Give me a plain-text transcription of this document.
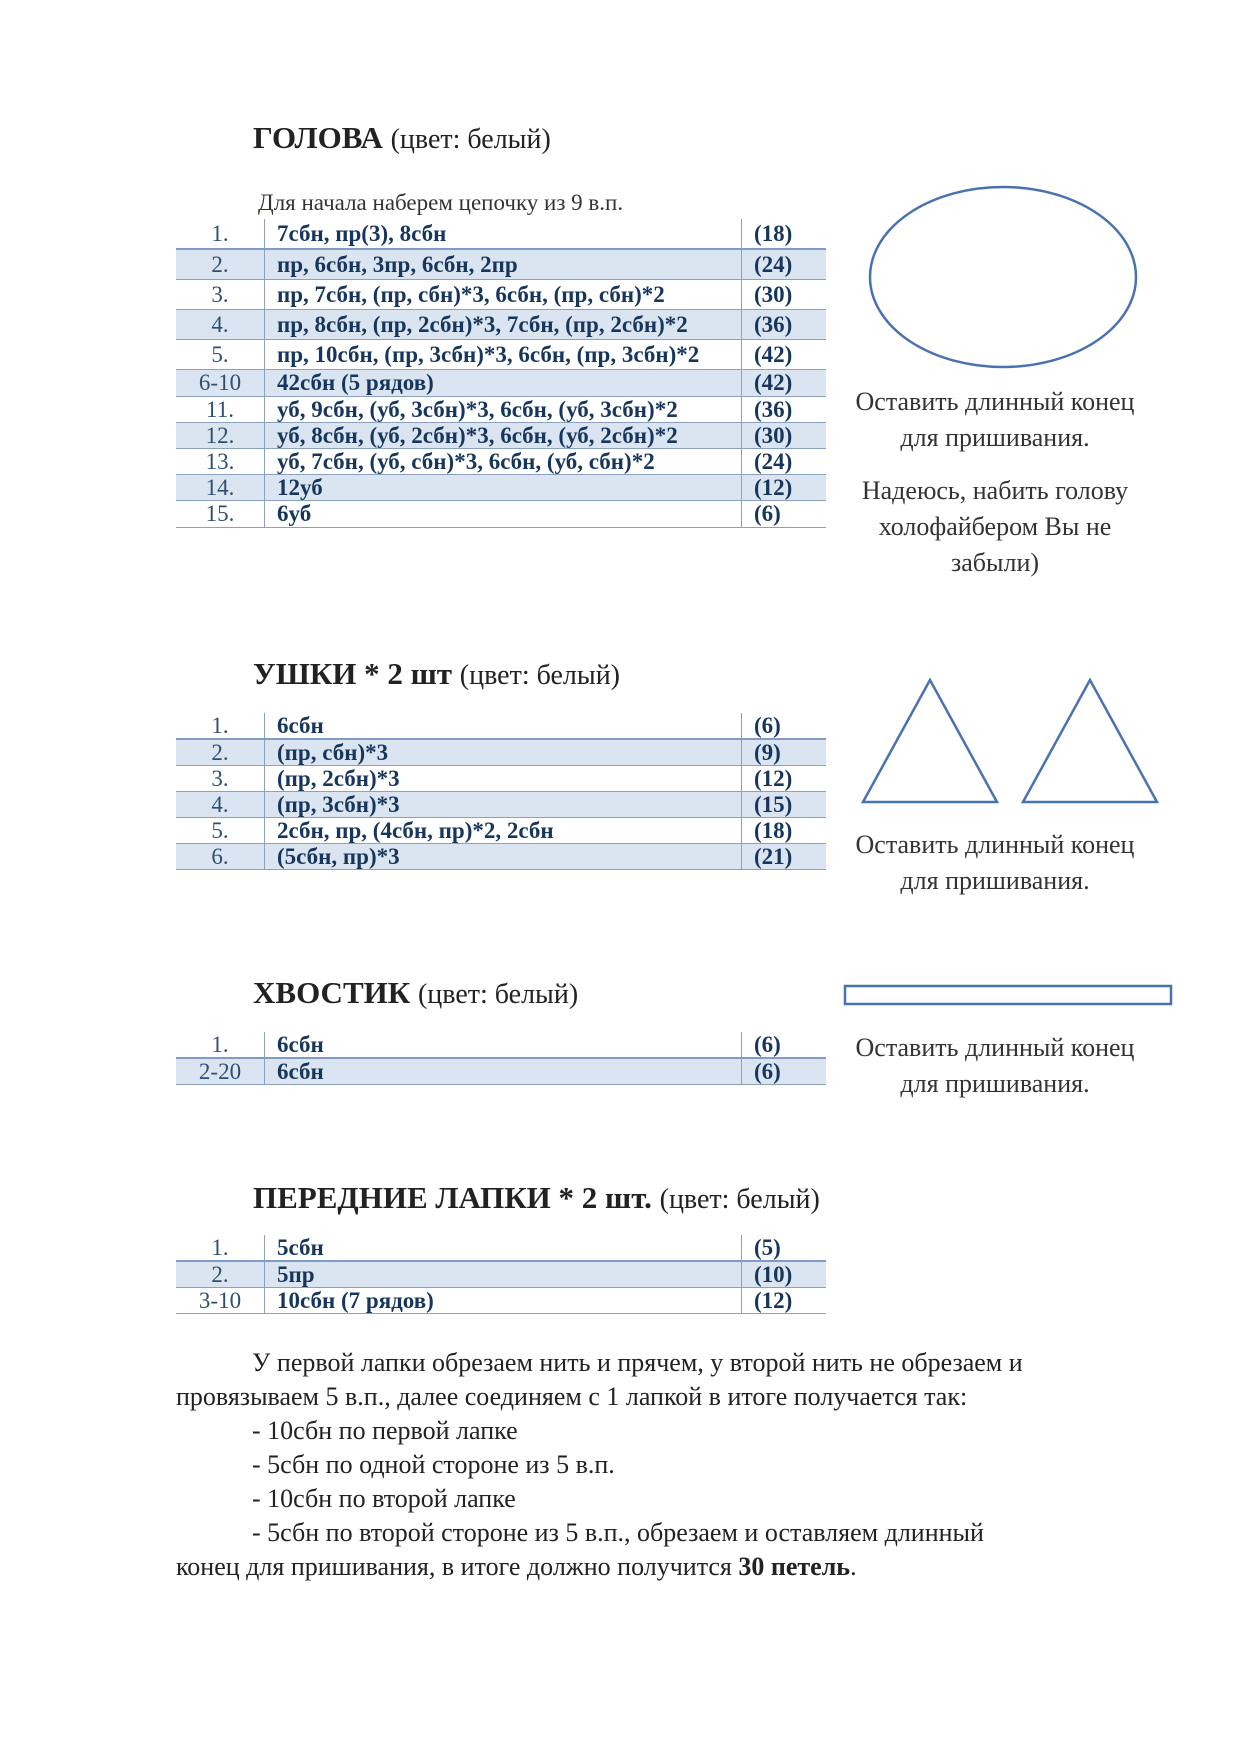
ГОЛОВА (цвет: белый)
Для начала наберем цепочку из 9 в.п.
1.	7сбн, пр(3), 8сбн	(18)
2.	пр, 6сбн, 3пр, 6сбн, 2пр	(24)
3.	пр, 7сбн, (пр, сбн)*3, 6сбн, (пр, сбн)*2	(30)
4.	пр, 8сбн, (пр, 2сбн)*3, 7сбн, (пр, 2сбн)*2	(36)
5.	пр, 10сбн, (пр, 3сбн)*3, 6сбн, (пр, 3сбн)*2	(42)
6-10	42сбн (5 рядов)	(42)
11.	уб, 9сбн, (уб, 3сбн)*3, 6сбн, (уб, 3сбн)*2	(36)
12.	уб, 8сбн, (уб, 2сбн)*3, 6сбн, (уб, 2сбн)*2	(30)
13.	уб, 7сбн, (уб, сбн)*3, 6сбн, (уб, сбн)*2	(24)
14.	12уб	(12)
15.	6уб	(6)
Оставить длинный конец для пришивания.
Надеюсь, набить голову холофайбером Вы не забыли)
УШКИ * 2 шт (цвет: белый)
1.	6сбн	(6)
2.	(пр, сбн)*3	(9)
3.	(пр, 2сбн)*3	(12)
4.	(пр, 3сбн)*3	(15)
5.	2сбн, пр, (4сбн, пр)*2, 2сбн	(18)
6.	(5сбн, пр)*3	(21)	Оставить длинный конец для пришивания.
ХВОСТИК (цвет: белый)
1.	6сбн	(6)
2-20	6сбн	(6)
Оставить длинный конец для пришивания.
ПЕРЕДНИЕ ЛАПКИ * 2 шт. (цвет: белый)
1.	5сбн	(5)
2.	5пр	(10)
3-10	10сбн (7 рядов)	(12)
У первой лапки обрезаем нить и прячем, у второй нить не обрезаем и провязываем 5 в.п., далее соединяем с 1 лапкой в итоге получается так:
- 10сбн по первой лапке
- 5сбн по одной стороне из 5 в.п.
- 10сбн по второй лапке
- 5сбн по второй стороне из 5 в.п., обрезаем и оставляем длинный
конец для пришивания, в итоге должно получится 30 петель.
